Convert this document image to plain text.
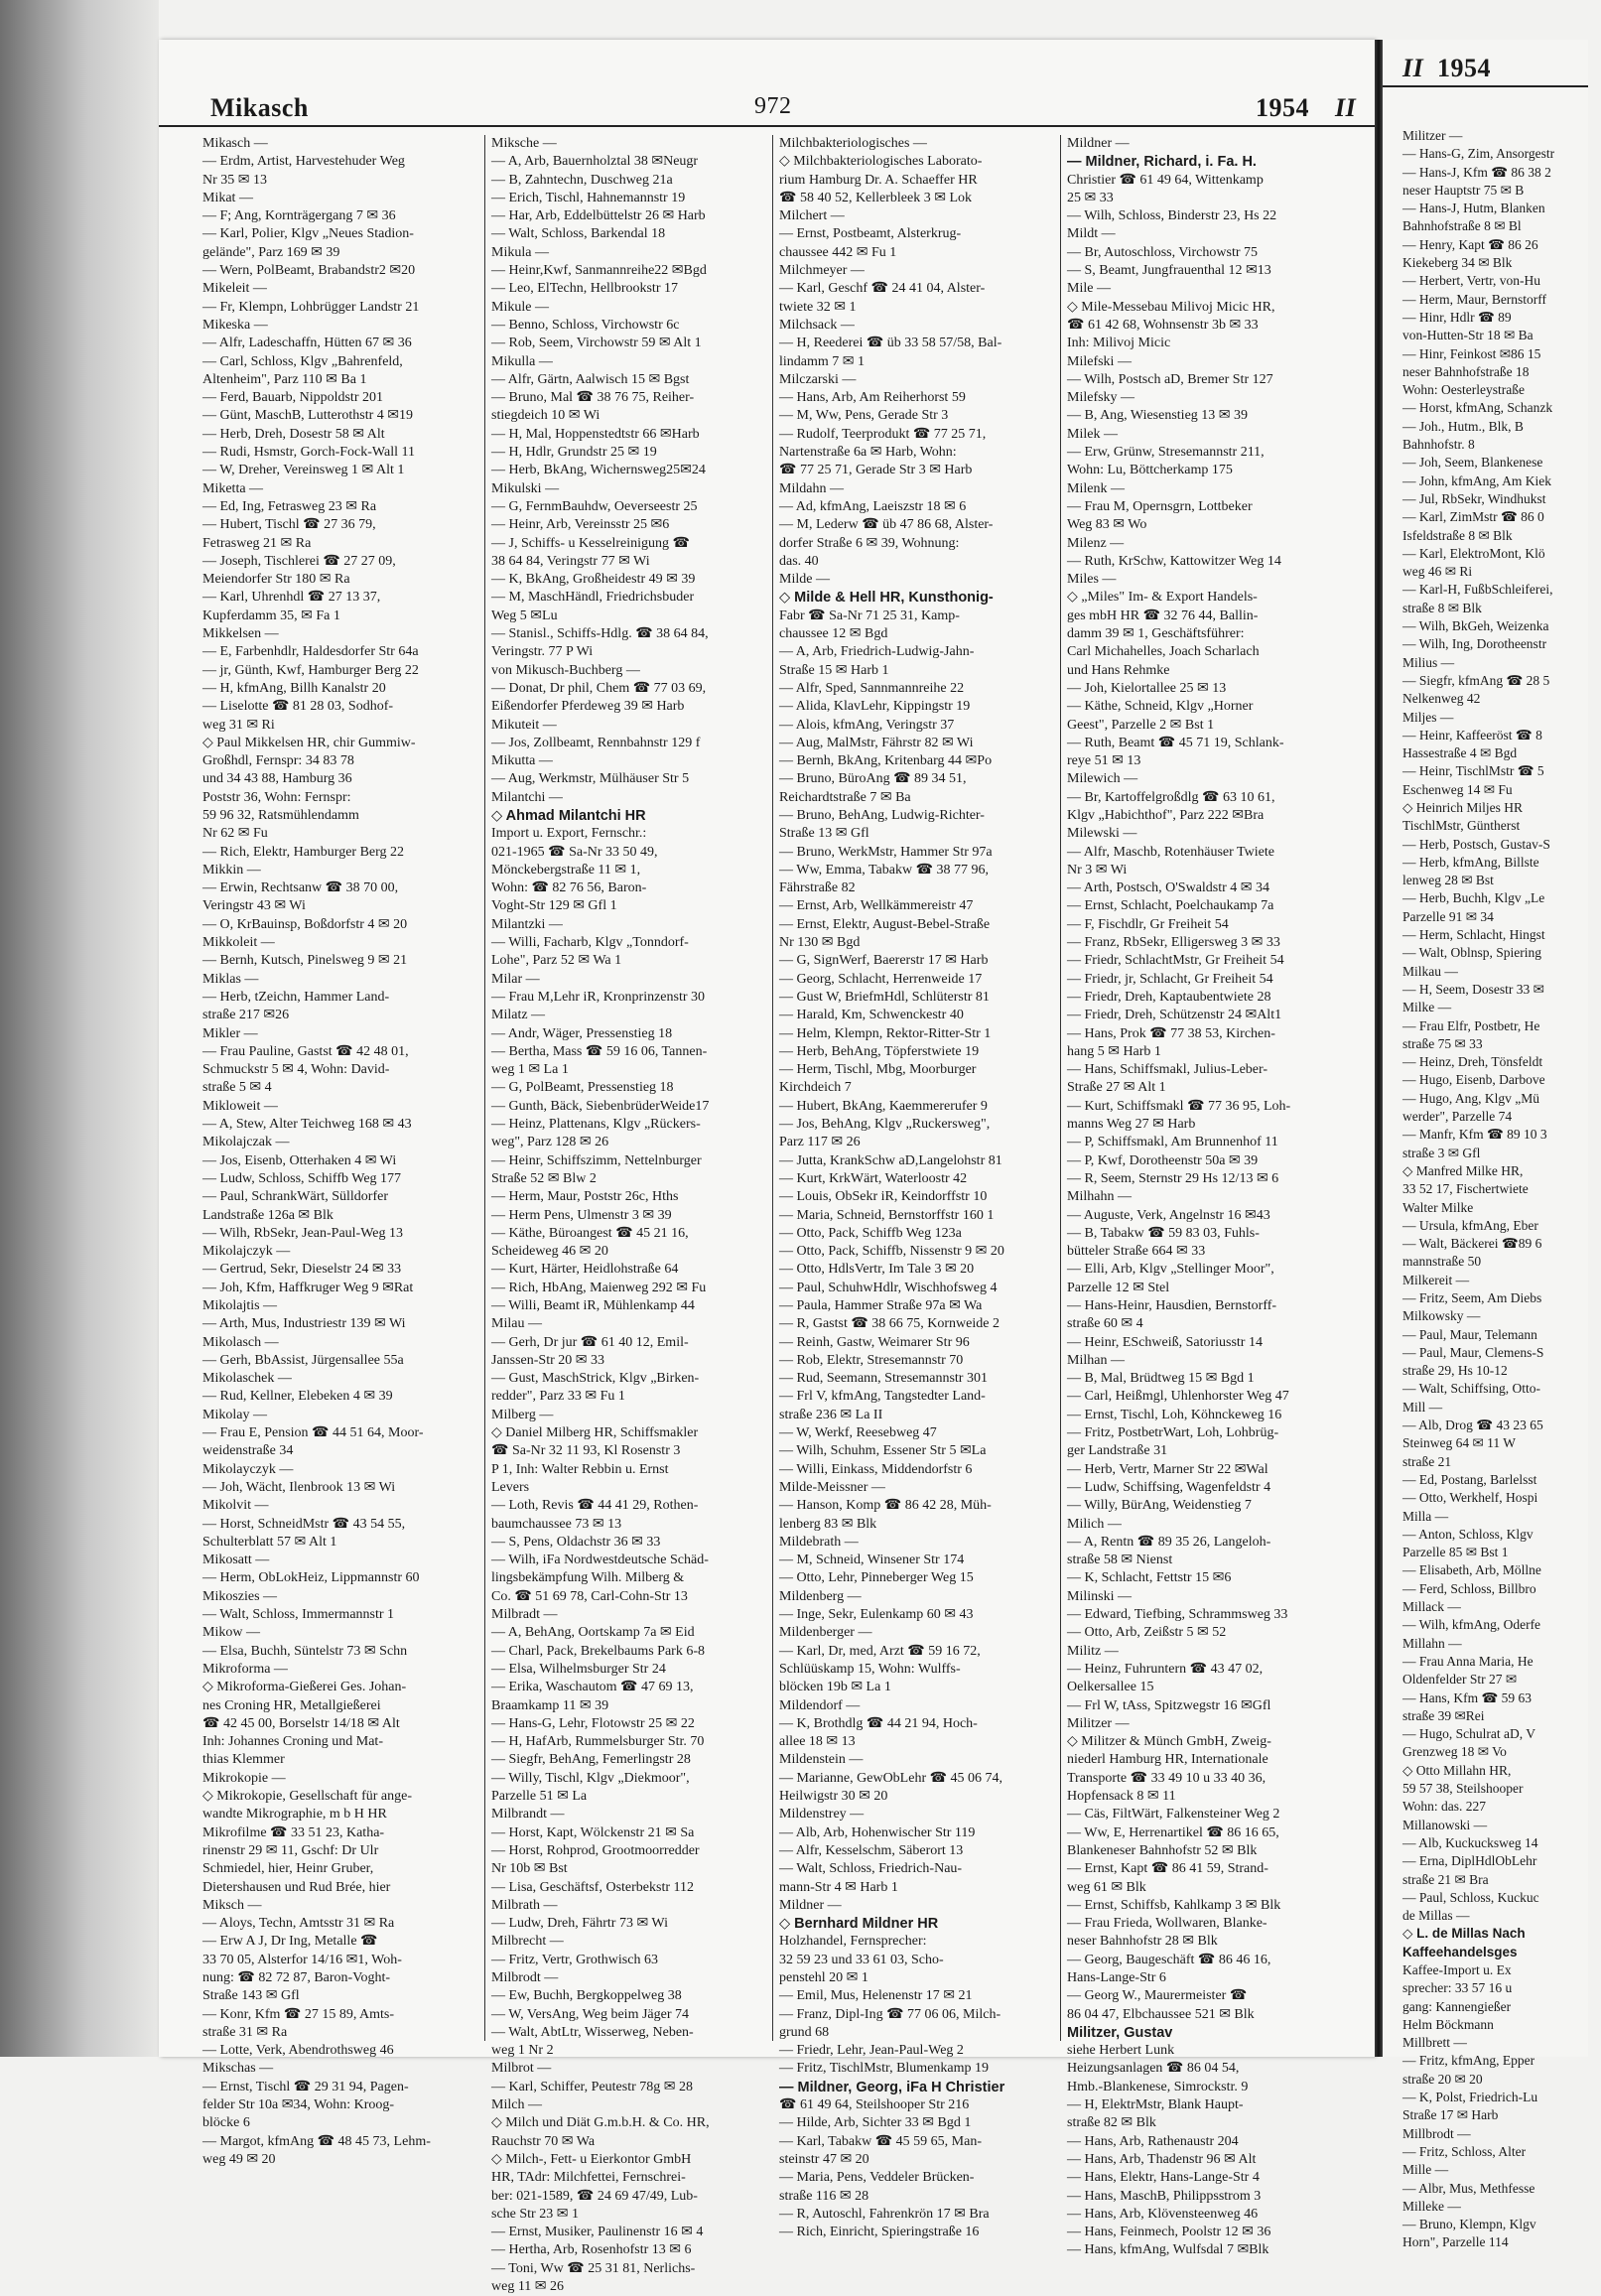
Mikasch	972	1954 II
Mikasch —
— Erdm, Artist, Harvestehuder Weg
Nr 35 ✉ 13
Mikat —
— F; Ang, Kornträgergang 7 ✉ 36
— Karl, Polier, Klgv „Neues Stadion-
gelände", Parz 169 ✉ 39
— Wern, PolBeamt, Brabandstr2 ✉20
Mikeleit —
— Fr, Klempn, Lohbrügger Landstr 21
Mikeska —
— Alfr, Ladeschaffn, Hütten 67 ✉ 36
— Carl, Schloss, Klgv „Bahrenfeld,
Altenheim", Parz 110 ✉ Ba 1
— Ferd, Bauarb, Nippoldstr 201
— Günt, MaschB, Lutterothstr 4 ✉19
— Herb, Dreh, Dosestr 58 ✉ Alt
— Rudi, Hsmstr, Gorch-Fock-Wall 11
— W, Dreher, Vereinsweg 1 ✉ Alt 1
Miketta —
— Ed, Ing, Fetrasweg 23 ✉ Ra
— Hubert, Tischl ☎ 27 36 79,
Fetrasweg 21 ✉ Ra
— Joseph, Tischlerei ☎ 27 27 09,
Meiendorfer Str 180 ✉ Ra
— Karl, Uhrenhdl ☎ 27 13 37,
Kupferdamm 35, ✉ Fa 1
Mikkelsen —
— E, Farbenhdlr, Haldesdorfer Str 64a
— jr, Günth, Kwf, Hamburger Berg 22
— H, kfmAng, Billh Kanalstr 20
— Liselotte ☎ 81 28 03, Sodhof-
weg 31 ✉ Ri
◇ Paul Mikkelsen HR, chir Gummiw-
Großhdl, Fernspr: 34 83 78
und 34 43 88, Hamburg 36
Poststr 36, Wohn: Fernspr:
59 96 32, Ratsmühlendamm
Nr 62 ✉ Fu
— Rich, Elektr, Hamburger Berg 22
Mikkin —
— Erwin, Rechtsanw ☎ 38 70 00,
Veringstr 43 ✉ Wi
— O, KrBauinsp, Boßdorfstr 4 ✉ 20
Mikkoleit —
— Bernh, Kutsch, Pinelsweg 9 ✉ 21
Miklas —
— Herb, tZeichn, Hammer Land-
straße 217 ✉26
Mikler —
— Frau Pauline, Gastst ☎ 42 48 01,
Schmuckstr 5 ✉ 4, Wohn: David-
straße 5 ✉ 4
Mikloweit —
— A, Stew, Alter Teichweg 168 ✉ 43
Mikolajczak —
— Jos, Eisenb, Otterhaken 4 ✉ Wi
— Ludw, Schloss, Schiffb Weg 177
— Paul, SchrankWärt, Sülldorfer
Landstraße 126a ✉ Blk
— Wilh, RbSekr, Jean-Paul-Weg 13
Mikolajczyk —
— Gertrud, Sekr, Dieselstr 24 ✉ 33
— Joh, Kfm, Haffkruger Weg 9 ✉Rat
Mikolajtis —
— Arth, Mus, Industriestr 139 ✉ Wi
Mikolasch —
— Gerh, BbAssist, Jürgensallee 55a
Mikolaschek —
— Rud, Kellner, Elebeken 4 ✉ 39
Mikolay —
— Frau E, Pension ☎ 44 51 64, Moor-
weidenstraße 34
Mikolayczyk —
— Joh, Wächt, Ilenbrook 13 ✉ Wi
Mikolvit —
— Horst, SchneidMstr ☎ 43 54 55,
Schulterblatt 57 ✉ Alt 1
Mikosatt —
— Herm, ObLokHeiz, Lippmannstr 60
Mikoszies —
— Walt, Schloss, Immermannstr 1
Mikow —
— Elsa, Buchh, Süntelstr 73 ✉ Schn
Mikroforma —
◇ Mikroforma-Gießerei Ges. Johan-
nes Croning HR, Metallgießerei
☎ 42 45 00, Borselstr 14/18 ✉ Alt
Inh: Johannes Croning und Mat-
thias Klemmer
Mikrokopie —
◇ Mikrokopie, Gesellschaft für ange-
wandte Mikrographie, m b H HR
Mikrofilme ☎ 33 51 23, Katha-
rinenstr 29 ✉ 11, Gschf: Dr Ulr
Schmiedel, hier, Heinr Gruber,
Dietershausen und Rud Brée, hier
Miksch —
— Aloys, Techn, Amtsstr 31 ✉ Ra
— Erw A J, Dr Ing, Metalle ☎
33 70 05, Alsterfor 14/16 ✉1, Woh-
nung: ☎ 82 72 87, Baron-Voght-
Straße 143 ✉ Gfl
— Konr, Kfm ☎ 27 15 89, Amts-
straße 31 ✉ Ra
— Lotte, Verk, Abendrothsweg 46
Mikschas —
— Ernst, Tischl ☎ 29 31 94, Pagen-
felder Str 10a ✉34, Wohn: Kroog-
blöcke 6
— Margot, kfmAng ☎ 48 45 73, Lehm-
weg 49 ✉ 20
Miksche —
— A, Arb, Bauernholztal 38 ✉Neugr
— B, Zahntechn, Duschweg 21a
— Erich, Tischl, Hahnemannstr 19
— Har, Arb, Eddelbüttelstr 26 ✉ Harb
— Walt, Schloss, Barkendal 18
Mikula —
— Heinr,Kwf, Sanmannreihe22 ✉Bgd
— Leo, ElTechn, Hellbrookstr 17
Mikule —
— Benno, Schloss, Virchowstr 6c
— Rob, Seem, Virchowstr 59 ✉ Alt 1
Mikulla —
— Alfr, Gärtn, Aalwisch 15 ✉ Bgst
— Bruno, Mal ☎ 38 76 75, Reiher-
stiegdeich 10 ✉ Wi
— H, Mal, Hoppenstedtstr 66 ✉Harb
— H, Hdlr, Grundstr 25 ✉ 19
— Herb, BkAng, Wichernsweg25✉24
Mikulski —
— G, FernmBauhdw, Oeverseestr 25
— Heinr, Arb, Vereinsstr 25 ✉6
— J, Schiffs- u Kesselreinigung ☎
38 64 84, Veringstr 77 ✉ Wi
— K, BkAng, Großheidestr 49 ✉ 39
— M, MaschHändl, Friedrichsbuder
Weg 5 ✉Lu
— Stanisl., Schiffs-Hdlg. ☎ 38 64 84,
Veringstr. 77 P Wi
von Mikusch-Buchberg —
— Donat, Dr phil, Chem ☎ 77 03 69,
Eißendorfer Pferdeweg 39 ✉ Harb
Mikuteit —
— Jos, Zollbeamt, Rennbahnstr 129 f
Mikutta —
— Aug, Werkmstr, Mülhäuser Str 5
Milantchi —
◇ Ahmad Milantchi HR
Import u. Export, Fernschr.:
021-1965 ☎ Sa-Nr 33 50 49,
Mönckebergstraße 11 ✉ 1,
Wohn: ☎ 82 76 56, Baron-
Voght-Str 129 ✉ Gfl 1
Milantzki —
— Willi, Facharb, Klgv „Tonndorf-
Lohe", Parz 52 ✉ Wa 1
Milar —
— Frau M,Lehr iR, Kronprinzenstr 30
Milatz —
— Andr, Wäger, Pressenstieg 18
— Bertha, Mass ☎ 59 16 06, Tannen-
weg 1 ✉ La 1
— G, PolBeamt, Pressenstieg 18
— Gunth, Bäck, SiebenbrüderWeide17
— Heinz, Plattenans, Klgv „Rückers-
weg", Parz 128 ✉ 26
— Heinr, Schiffszimm, Nettelnburger
Straße 52 ✉ Blw 2
— Herm, Maur, Poststr 26c, Hths
— Herm Pens, Ulmenstr 3 ✉ 39
— Käthe, Büroangest ☎ 45 21 16,
Scheideweg 46 ✉ 20
— Kurt, Härter, Heidlohstraße 64
— Rich, HbAng, Maienweg 292 ✉ Fu
— Willi, Beamt iR, Mühlenkamp 44
Milau —
— Gerh, Dr jur ☎ 61 40 12, Emil-
Janssen-Str 20 ✉ 33
— Gust, MaschStrick, Klgv „Birken-
redder", Parz 33 ✉ Fu 1
Milberg —
◇ Daniel Milberg HR, Schiffsmakler
☎ Sa-Nr 32 11 93, Kl Rosenstr 3
P 1, Inh: Walter Rebbin u. Ernst
Levers
— Loth, Revis ☎ 44 41 29, Rothen-
baumchaussee 73 ✉ 13
— S, Pens, Oldachstr 36 ✉ 33
— Wilh, iFa Nordwestdeutsche Schäd-
lingsbekämpfung Wilh. Milberg &
Co. ☎ 51 69 78, Carl-Cohn-Str 13
Milbradt —
— A, BehAng, Oortskamp 7a ✉ Eid
— Charl, Pack, Brekelbaums Park 6-8
— Elsa, Wilhelmsburger Str 24
— Erika, Waschautom ☎ 47 69 13,
Braamkamp 11 ✉ 39
— Hans-G, Lehr, Flotowstr 25 ✉ 22
— H, HafArb, Rummelsburger Str. 70
— Siegfr, BehAng, Femerlingstr 28
— Willy, Tischl, Klgv „Diekmoor",
Parzelle 51 ✉ La
Milbrandt —
— Horst, Kapt, Wölckenstr 21 ✉ Sa
— Horst, Rohprod, Grootmoorredder
Nr 10b ✉ Bst
— Lisa, Geschäftsf, Osterbekstr 112
Milbrath —
— Ludw, Dreh, Fährtr 73 ✉ Wi
Milbrecht —
— Fritz, Vertr, Grothwisch 63
Milbrodt —
— Ew, Buchh, Bergkoppelweg 38
— W, VersAng, Weg beim Jäger 74
— Walt, AbtLtr, Wisserweg, Neben-
weg 1 Nr 2
Milbrot —
— Karl, Schiffer, Peutestr 78g ✉ 28
Milch —
◇ Milch und Diät G.m.b.H. & Co. HR,
Rauchstr 70 ✉ Wa
◇ Milch-, Fett- u Eierkontor GmbH
HR, TAdr: Milchfettei, Fernschrei-
ber: 021-1589, ☎ 24 69 47/49, Lub-
sche Str 23 ✉ 1
— Ernst, Musiker, Paulinenstr 16 ✉ 4
— Hertha, Arb, Rosenhofstr 13 ✉ 6
— Toni, Ww ☎ 25 31 81, Nerlichs-
weg 11 ✉ 26
Milchbakteriologisches —
◇ Milchbakteriologisches Laborato-
rium Hamburg Dr. A. Schaeffer HR
☎ 58 40 52, Kellerbleek 3 ✉ Lok
Milchert —
— Ernst, Postbeamt, Alsterkrug-
chaussee 442 ✉ Fu 1
Milchmeyer —
— Karl, Geschf ☎ 24 41 04, Alster-
twiete 32 ✉ 1
Milchsack —
— H, Reederei ☎ üb 33 58 57/58, Bal-
lindamm 7 ✉ 1
Milczarski —
— Hans, Arb, Am Reiherhorst 59
— M, Ww, Pens, Gerade Str 3
— Rudolf, Teerprodukt ☎ 77 25 71,
Nartenstraße 6a ✉ Harb, Wohn:
☎ 77 25 71, Gerade Str 3 ✉ Harb
Mildahn —
— Ad, kfmAng, Laeiszstr 18 ✉ 6
— M, Lederw ☎ üb 47 86 68, Alster-
dorfer Straße 6 ✉ 39, Wohnung:
das. 40
Milde —
◇ Milde & Hell HR, Kunsthonig-
Fabr ☎ Sa-Nr 71 25 31, Kamp-
chaussee 12 ✉ Bgd
— A, Arb, Friedrich-Ludwig-Jahn-
Straße 15 ✉ Harb 1
— Alfr, Sped, Sannmannreihe 22
— Alida, KlavLehr, Kippingstr 19
— Alois, kfmAng, Veringstr 37
— Aug, MalMstr, Fährstr 82 ✉ Wi
— Bernh, BkAng, Kritenbarg 44 ✉Po
— Bruno, BüroAng ☎ 89 34 51,
Reichardtstraße 7 ✉ Ba
— Bruno, BehAng, Ludwig-Richter-
Straße 13 ✉ Gfl
— Bruno, WerkMstr, Hammer Str 97a
— Ww, Emma, Tabakw ☎ 38 77 96,
Fährstraße 82
— Ernst, Arb, Wellkämmereistr 47
— Ernst, Elektr, August-Bebel-Straße
Nr 130 ✉ Bgd
— G, SignWerf, Baererstr 17 ✉ Harb
— Georg, Schlacht, Herrenweide 17
— Gust W, BriefmHdl, Schlüterstr 81
— Harald, Km, Schwenckestr 40
— Helm, Klempn, Rektor-Ritter-Str 1
— Herb, BehAng, Töpferstwiete 19
— Herm, Tischl, Mbg, Moorburger
Kirchdeich 7
— Hubert, BkAng, Kaemmererufer 9
— Jos, BehAng, Klgv „Ruckersweg",
Parz 117 ✉ 26
— Jutta, KrankSchw aD,Langelohstr 81
— Kurt, KrkWärt, Waterloostr 42
— Louis, ObSekr iR, Keindorffstr 10
— Maria, Schneid, Bernstorffstr 160 1
— Otto, Pack, Schiffb Weg 123a
— Otto, Pack, Schiffb, Nissenstr 9 ✉ 20
— Otto, HdlsVertr, Im Tale 3 ✉ 20
— Paul, SchuhwHdlr, Wischhofsweg 4
— Paula, Hammer Straße 97a ✉ Wa
— R, Gastst ☎ 38 66 75, Kornweide 2
— Reinh, Gastw, Weimarer Str 96
— Rob, Elektr, Stresemannstr 70
— Rud, Seemann, Stresemannstr 301
— Frl V, kfmAng, Tangstedter Land-
straße 236 ✉ La II
— W, Werkf, Reesebweg 47
— Wilh, Schuhm, Essener Str 5 ✉La
— Willi, Einkass, Middendorfstr 6
Milde-Meissner —
— Hanson, Komp ☎ 86 42 28, Müh-
lenberg 83 ✉ Blk
Mildebrath —
— M, Schneid, Winsener Str 174
— Otto, Lehr, Pinneberger Weg 15
Mildenberg —
— Inge, Sekr, Eulenkamp 60 ✉ 43
Mildenberger —
— Karl, Dr, med, Arzt ☎ 59 16 72,
Schlüüskamp 15, Wohn: Wulffs-
blöcken 19b ✉ La 1
Mildendorf —
— K, Brothdlg ☎ 44 21 94, Hoch-
allee 18 ✉ 13
Mildenstein —
— Marianne, GewObLehr ☎ 45 06 74,
Heilwigstr 30 ✉ 20
Mildenstrey —
— Alb, Arb, Hohenwischer Str 119
— Alfr, Kesselschm, Säberort 13
— Walt, Schloss, Friedrich-Nau-
mann-Str 4 ✉ Harb 1
Mildner —
◇ Bernhard Mildner HR
Holzhandel, Fernsprecher:
32 59 23 und 33 61 03, Scho-
penstehl 20 ✉ 1
— Emil, Mus, Helenenstr 17 ✉ 21
— Franz, Dipl-Ing ☎ 77 06 06, Milch-
grund 68
— Friedr, Lehr, Jean-Paul-Weg 2
— Fritz, TischlMstr, Blumenkamp 19
— Mildner, Georg, iFa H Christier
☎ 61 49 64, Steilshooper Str 216
— Hilde, Arb, Sichter 33 ✉ Bgd 1
— Karl, Tabakw ☎ 45 59 65, Man-
steinstr 47 ✉ 20
— Maria, Pens, Veddeler Brücken-
straße 116 ✉ 28
— R, Autoschl, Fahrenkrön 17 ✉ Bra
— Rich, Einricht, Spieringstraße 16
Mildner —
— Mildner, Richard, i. Fa. H.
Christier ☎ 61 49 64, Wittenkamp
25 ✉ 33
— Wilh, Schloss, Binderstr 23, Hs 22
Mildt —
— Br, Autoschloss, Virchowstr 75
— S, Beamt, Jungfrauenthal 12 ✉13
Mile —
◇ Mile-Messebau Milivoj Micic HR,
☎ 61 42 68, Wohnsenstr 3b ✉ 33
Inh: Milivoj Micic
Milefski —
— Wilh, Postsch aD, Bremer Str 127
Milefsky —
— B, Ang, Wiesenstieg 13 ✉ 39
Milek —
— Erw, Grünw, Stresemannstr 211,
Wohn: Lu, Böttcherkamp 175
Milenk —
— Frau M, Opernsgrn, Lottbeker
Weg 83 ✉ Wo
Milenz —
— Ruth, KrSchw, Kattowitzer Weg 14
Miles —
◇ „Miles" Im- & Export Handels-
ges mbH HR ☎ 32 76 44, Ballin-
damm 39 ✉ 1, Geschäftsführer:
Carl Michahelles, Joach Scharlach
und Hans Rehmke
— Joh, Kielortallee 25 ✉ 13
— Käthe, Schneid, Klgv „Horner
Geest", Parzelle 2 ✉ Bst 1
— Ruth, Beamt ☎ 45 71 19, Schlank-
reye 51 ✉ 13
Milewich —
— Br, Kartoffelgroßdlg ☎ 63 10 61,
Klgv „Habichthof", Parz 222 ✉Bra
Milewski —
— Alfr, Maschb, Rotenhäuser Twiete
Nr 3 ✉ Wi
— Arth, Postsch, O'Swaldstr 4 ✉ 34
— Ernst, Schlacht, Poelchaukamp 7a
— F, Fischdlr, Gr Freiheit 54
— Franz, RbSekr, Elligersweg 3 ✉ 33
— Friedr, SchlachtMstr, Gr Freiheit 54
— Friedr, jr, Schlacht, Gr Freiheit 54
— Friedr, Dreh, Kaptaubentwiete 28
— Friedr, Dreh, Schützenstr 24 ✉Alt1
— Hans, Prok ☎ 77 38 53, Kirchen-
hang 5 ✉ Harb 1
— Hans, Schiffsmakl, Julius-Leber-
Straße 27 ✉ Alt 1
— Kurt, Schiffsmakl ☎ 77 36 95, Loh-
manns Weg 27 ✉ Harb
— P, Schiffsmakl, Am Brunnenhof 11
— P, Kwf, Dorotheenstr 50a ✉ 39
— R, Seem, Sternstr 29 Hs 12/13 ✉ 6
Milhahn —
— Auguste, Verk, Angelnstr 16 ✉43
— B, Tabakw ☎ 59 83 03, Fuhls-
bütteler Straße 664 ✉ 33
— Elli, Arb, Klgv „Stellinger Moor",
Parzelle 12 ✉ Stel
— Hans-Heinr, Hausdien, Bernstorff-
straße 60 ✉ 4
— Heinr, ESchweiß, Satoriusstr 14
Milhan —
— B, Mal, Brüdtweg 15 ✉ Bgd 1
— Carl, Heißmgl, Uhlenhorster Weg 47
— Ernst, Tischl, Loh, Köhnckeweg 16
— Fritz, PostbetrWart, Loh, Lohbrüg-
ger Landstraße 31
— Herb, Vertr, Marner Str 22 ✉Wal
— Ludw, Schiffsing, Wagenfeldstr 4
— Willy, BürAng, Weidenstieg 7
Milich —
— A, Rentn ☎ 89 35 26, Langeloh-
straße 58 ✉ Nienst
— K, Schlacht, Fettstr 15 ✉6
Milinski —
— Edward, Tiefbing, Schrammsweg 33
— Otto, Arb, Zeißstr 5 ✉ 52
Militz —
— Heinz, Fuhruntern ☎ 43 47 02,
Oelkersallee 15
— Frl W, tAss, Spitzwegstr 16 ✉Gfl
Militzer —
◇ Militzer & Münch GmbH, Zweig-
niederl Hamburg HR, Internationale
Transporte ☎ 33 49 10 u 33 40 36,
Hopfensack 8 ✉ 11
— Cäs, FiltWärt, Falkensteiner Weg 2
— Ww, E, Herrenartikel ☎ 86 16 65,
Blankeneser Bahnhofstr 52 ✉ Blk
— Ernst, Kapt ☎ 86 41 59, Strand-
weg 61 ✉ Blk
— Ernst, Schiffsb, Kahlkamp 3 ✉ Blk
— Frau Frieda, Wollwaren, Blanke-
neser Bahnhofstr 28 ✉ Blk
— Georg, Baugeschäft ☎ 86 46 16,
Hans-Lange-Str 6
— Georg W., Maurermeister ☎
86 04 47, Elbchaussee 521 ✉ Blk
Militzer, Gustav
siehe Herbert Lunk
Heizungsanlagen ☎ 86 04 54,
Hmb.-Blankenese, Simrockstr. 9
— H, ElektrMstr, Blank Haupt-
straße 82 ✉ Blk
— Hans, Arb, Rathenaustr 204
— Hans, Arb, Thadenstr 96 ✉ Alt
— Hans, Elektr, Hans-Lange-Str 4
— Hans, MaschB, Philippsstrom 3
— Hans, Arb, Klövensteenweg 46
— Hans, Feinmech, Poolstr 12 ✉ 36
— Hans, kfmAng, Wulfsdal 7 ✉Blk
II 1954
Militzer —
— Hans-G, Zim, Ansorgestr
— Hans-J, Kfm ☎ 86 38 2
neser Hauptstr 75 ✉ B
— Hans-J, Hutm, Blanken
Bahnhofstraße 8 ✉ Bl
— Henry, Kapt ☎ 86 26
Kiekeberg 34 ✉ Blk
— Herbert, Vertr, von-Hu
— Herm, Maur, Bernstorff
— Hinr, Hdlr ☎ 89
von-Hutten-Str 18 ✉ Ba
— Hinr, Feinkost ✉86 15
neser Bahnhofstraße 18
Wohn: Oesterleystraße
— Horst, kfmAng, Schanzk
— Joh., Hutm., Blk, B
Bahnhofstr. 8
— Joh, Seem, Blankenese
— John, kfmAng, Am Kiek
— Jul, RbSekr, Windhukst
— Karl, ZimMstr ☎ 86 0
Isfeldstraße 8 ✉ Blk
— Karl, ElektroMont, Klö
weg 46 ✉ Ri
— Karl-H, FußbSchleiferei,
straße 8 ✉ Blk
— Wilh, BkGeh, Weizenka
— Wilh, Ing, Dorotheenstr
Milius —
— Siegfr, kfmAng ☎ 28 5
Nelkenweg 42
Miljes —
— Heinr, Kaffeeröst ☎ 8
Hassestraße 4 ✉ Bgd
— Heinr, TischlMstr ☎ 5
Eschenweg 14 ✉ Fu
◇ Heinrich Miljes HR
TischlMstr, Güntherst
— Herb, Postsch, Gustav-S
— Herb, kfmAng, Billste
lenweg 28 ✉ Bst
— Herb, Buchh, Klgv „Le
Parzelle 91 ✉ 34
— Herm, Schlacht, Hingst
— Walt, Oblnsp, Spiering
Milkau —
— H, Seem, Dosestr 33 ✉
Milke —
— Frau Elfr, Postbetr, He
straße 75 ✉ 33
— Heinz, Dreh, Tönsfeldt
— Hugo, Eisenb, Darbove
— Hugo, Ang, Klgv „Mü
werder", Parzelle 74
— Manfr, Kfm ☎ 89 10 3
straße 3 ✉ Gfl
◇ Manfred Milke HR,
33 52 17, Fischertwiete
Walter Milke
— Ursula, kfmAng, Eber
— Walt, Bäckerei ☎89 6
mannstraße 50
Milkereit —
— Fritz, Seem, Am Diebs
Milkowsky —
— Paul, Maur, Telemann
— Paul, Maur, Clemens-S
straße 29, Hs 10-12
— Walt, Schiffsing, Otto-
Mill —
— Alb, Drog ☎ 43 23 65
Steinweg 64 ✉ 11 W
straße 21
— Ed, Postang, Barlelsst
— Otto, Werkhelf, Hospi
Milla —
— Anton, Schloss, Klgv
Parzelle 85 ✉ Bst 1
— Elisabeth, Arb, Möllne
— Ferd, Schloss, Billbro
Millack —
— Wilh, kfmAng, Oderfe
Millahn —
— Frau Anna Maria, He
Oldenfelder Str 27 ✉
— Hans, Kfm ☎ 59 63
straße 39 ✉Rei
— Hugo, Schulrat aD, V
Grenzweg 18 ✉ Vo
◇ Otto Millahn HR,
59 57 38, Steilshooper
Wohn: das. 227
Millanowski —
— Alb, Kuckucksweg 14
— Erna, DiplHdlObLehr
straße 21 ✉ Bra
— Paul, Schloss, Kuckuc
de Millas —
◇ L. de Millas Nach
Kaffeehandelsges
Kaffee-Import u. Ex
sprecher: 33 57 16 u
gang: Kannengießer
Helm Böckmann
Millbrett —
— Fritz, kfmAng, Epper
straße 20 ✉ 20
— K, Polst, Friedrich-Lu
Straße 17 ✉ Harb
Millbrodt —
— Fritz, Schloss, Alter
Mille —
— Albr, Mus, Methfesse
Milleke —
— Bruno, Klempn, Klgv
Horn", Parzelle 114
